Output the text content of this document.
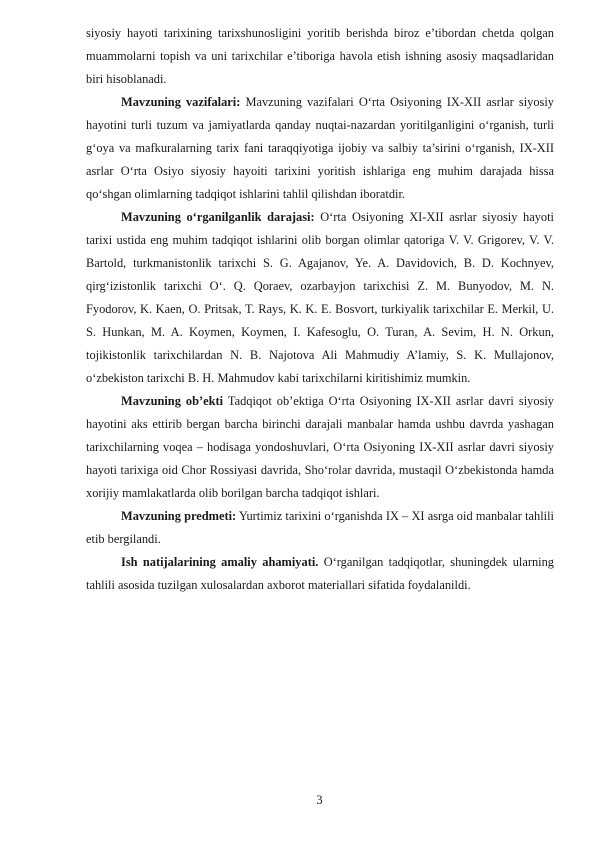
siyosiy hayoti tarixining tarixshunosligini yoritib berishda biroz e’tibordan chetda qolgan muammolarni topish va uni tarixchilar e’tiboriga havola etish ishning asosiy maqsadlaridan biri hisoblanadi.

Mavzuning vazifalari: Mavzuning vazifalari O‘rta Osiyoning IX-XII asrlar siyosiy hayotini turli tuzum va jamiyatlarda qanday nuqtai-nazardan yoritilganligini o‘rganish, turli g‘oya va mafkuralarning tarix fani taraqqiyotiga ijobiy va salbiy ta’sirini o‘rganish, IX-XII asrlar O‘rta Osiyo siyosiy hayoiti tarixini yoritish ishlariga eng muhim darajada hissa qo‘shgan olimlarning tadqiqot ishlarini tahlil qilishdan iboratdir.

Mavzuning o‘rganilganlik darajasi: O‘rta Osiyoning XI-XII asrlar siyosiy hayoti tarixi ustida eng muhim tadqiqot ishlarini olib borgan olimlar qatoriga V. V. Grigorev, V. V. Bartold, turkmanistonlik tarixchi S. G. Agajanov, Ye. A. Davidovich, B. D. Kochnyev, qirg‘izistonlik tarixchi O‘. Q. Qoraev, ozarbayjon tarixchisi Z. M. Bunyodov, M. N. Fyodorov, K. Kaen, O. Pritsak, T. Rays, K. K. E. Bosvort, turkiyalik tarixchilar E. Merkil, U. S. Hunkan, M. A. Koymen, Koymen, I. Kafesoglu, O. Turan, A. Sevim, H. N. Orkun, tojikistonlik tarixchilardan N. B. Najotova Ali Mahmudiy A’lamiy, S. K. Mullajonov, o‘zbekiston tarixchi B. H. Mahmudov kabi tarixchilarni kiritishimiz mumkin.

Mavzuning ob’ekti Tadqiqot ob’ektiga O‘rta Osiyoning IX-XII asrlar davri siyosiy hayotini aks ettirib bergan barcha birinchi darajali manbalar hamda ushbu davrda yashagan tarixchilarning voqea – hodisaga yondoshuvlari, O‘rta Osiyoning IX-XII asrlar davri siyosiy hayoti tarixiga oid Chor Rossiyasi davrida, Sho‘rolar davrida, mustaqil O‘zbekistonda hamda xorijiy mamlakatlarda olib borilgan barcha tadqiqot ishlari.

Mavzuning predmeti: Yurtimiz tarixini o‘rganishda IX – XI asrga oid manbalar tahlili etib bergilandi.

Ish natijalarining amaliy ahamiyati. O‘rganilgan tadqiqotlar, shuningdek ularning tahlili asosida tuzilgan xulosalardan axborot materiallari sifatida foydalanildi.

3
